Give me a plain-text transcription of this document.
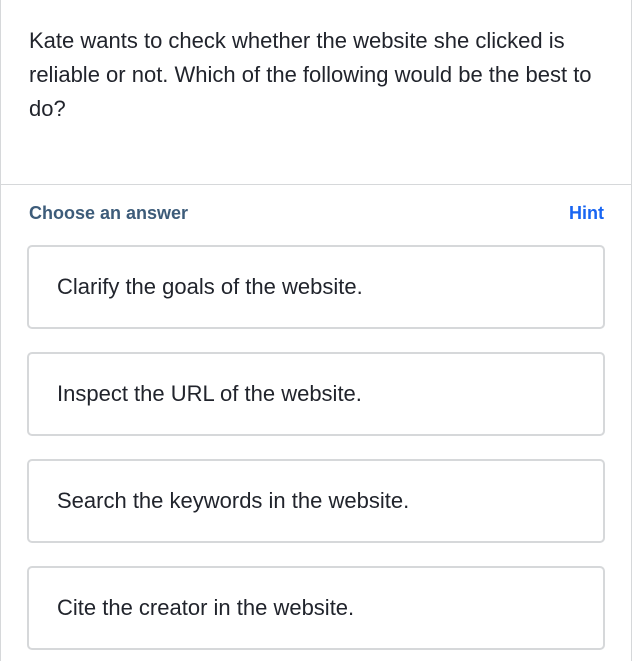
Kate wants to check whether the website she clicked is reliable or not. Which of the following would be the best to do?
Choose an answer	Hint
Clarify the goals of the website.
Inspect the URL of the website.
Search the keywords in the website.
Cite the creator in the website.
